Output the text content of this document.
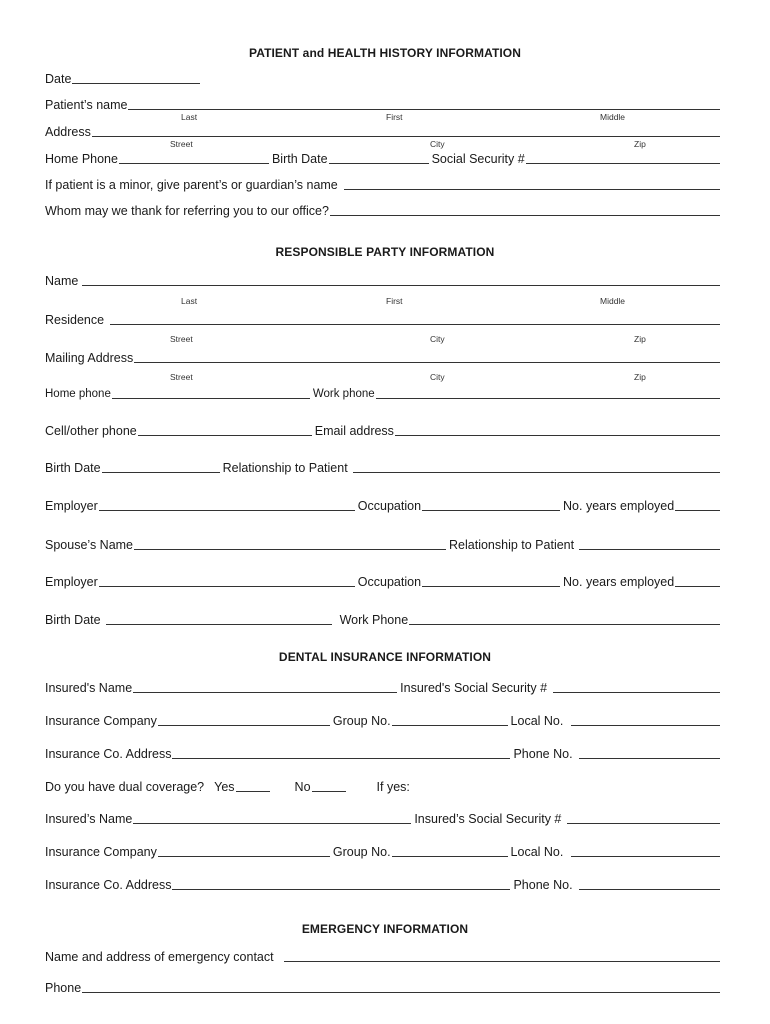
PATIENT and HEALTH HISTORY INFORMATION
Date
Patient’s name
Last	First	Middle
Address
Street	City	Zip
Home Phone	Birth Date	Social Security #
If patient is a minor, give parent’s or guardian’s name
Whom may we thank for referring you to our office?
RESPONSIBLE PARTY INFORMATION
Name
Last	First	Middle
Residence
Street	City	Zip
Mailing Address
Street	City	Zip
Home phone	Work phone
Cell/other phone	Email address
Birth Date	Relationship to Patient
Employer	Occupation	No. years employed
Spouse’s Name	Relationship to Patient
Employer	Occupation	No. years employed
Birth Date	Work Phone
DENTAL INSURANCE INFORMATION
Insured's Name	Insured's Social Security #
Insurance Company	Group No.	Local No.
Insurance Co. Address	Phone No.
Do you have dual coverage? Yes	No	If yes:
Insured’s Name	Insured’s Social Security #
Insurance Company	Group No.	Local No.
Insurance Co. Address	Phone No.
EMERGENCY INFORMATION
Name and address of emergency contact
Phone
